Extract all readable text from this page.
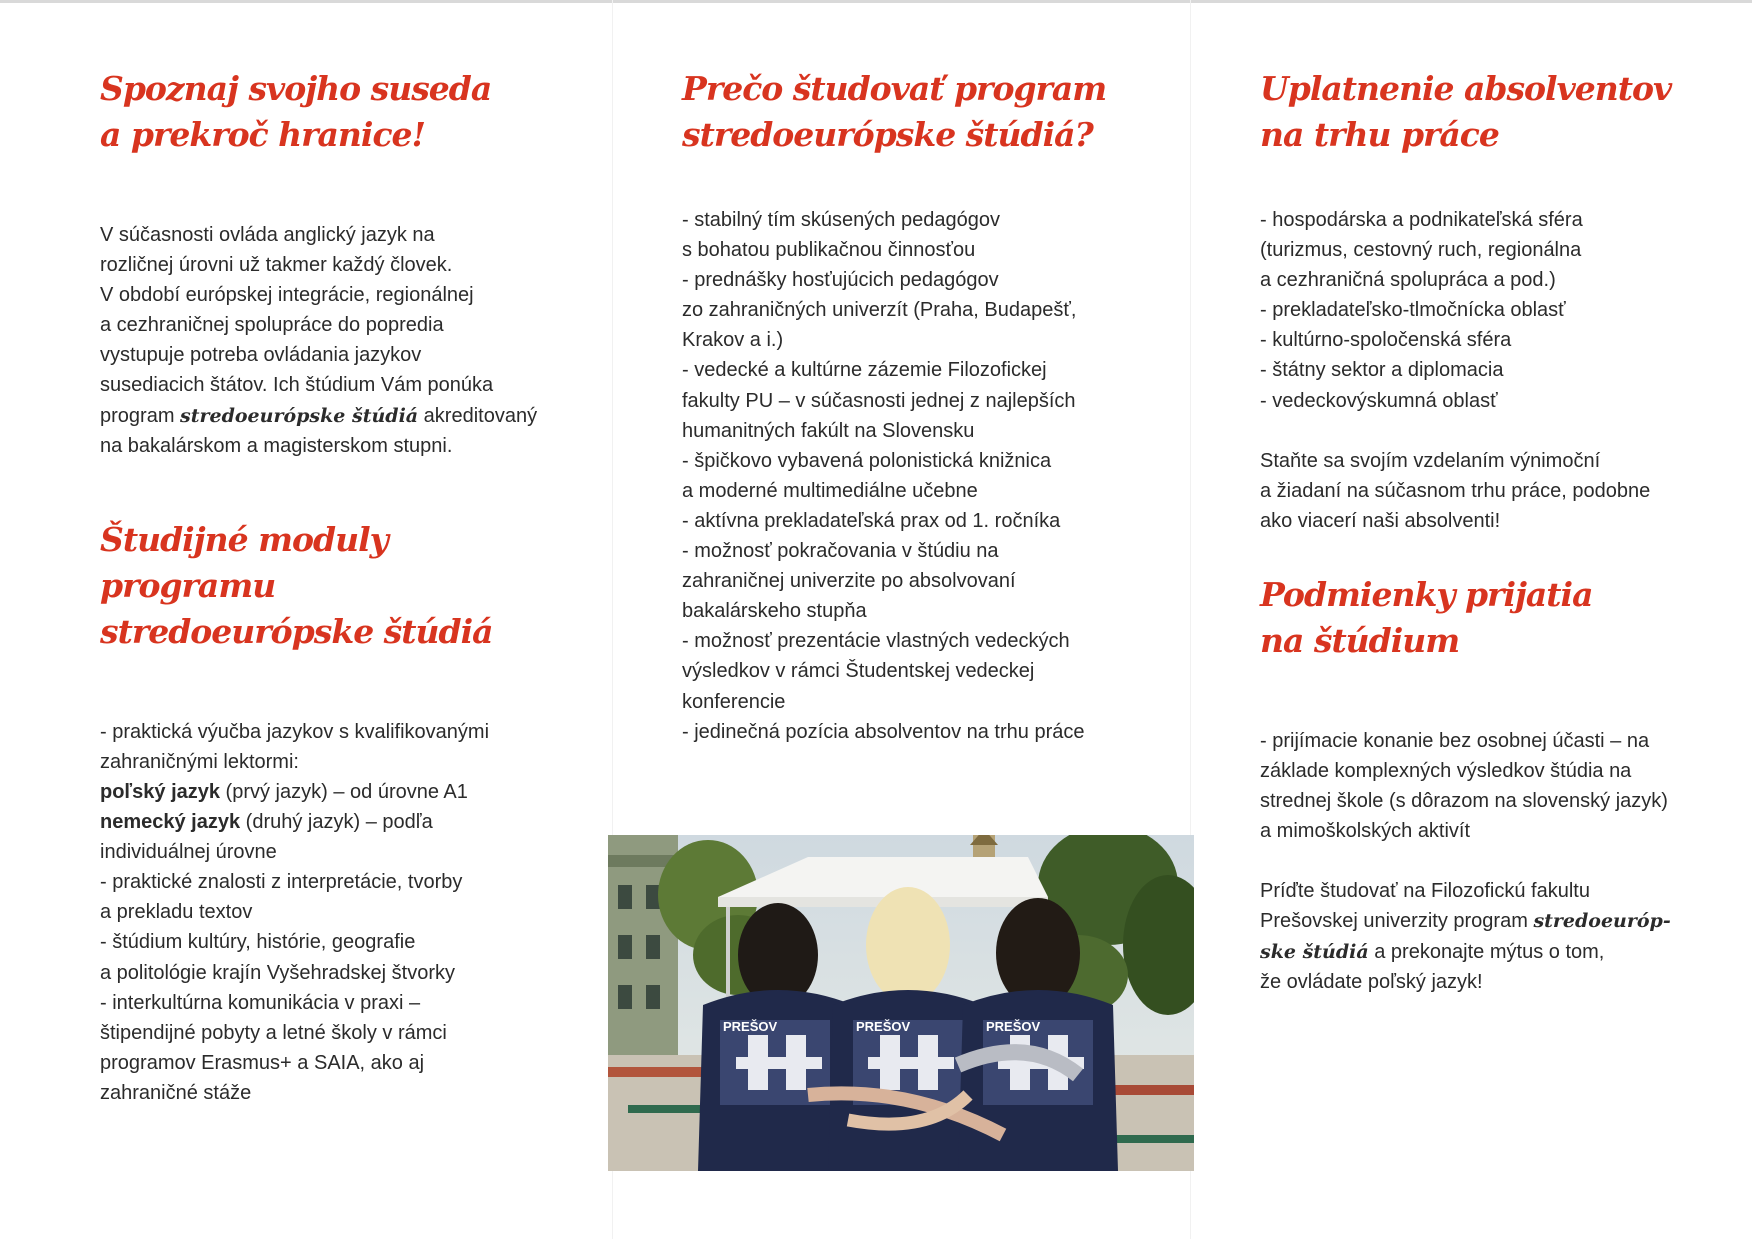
Spoznaj svojho suseda
a prekroč hranice!
V súčasnosti ovláda anglický jazyk na
rozličnej úrovni už takmer každý človek.
V období európskej integrácie, regionálnej
a cezhraničnej spolupráce do popredia
vystupuje potreba ovládania jazykov
susediacich štátov. Ich štúdium Vám ponúka
program stredoeurópske štúdiá akreditovaný
na bakalárskom a magisterskom stupni.
Študijné moduly programu
stredoeurópske štúdiá
- praktická výučba jazykov s kvalifikovanými
zahraničnými lektormi:
poľský jazyk (prvý jazyk) – od úrovne A1
nemecký jazyk (druhý jazyk) – podľa
individuálnej úrovne
- praktické znalosti z interpretácie, tvorby
a prekladu textov
- štúdium kultúry, histórie, geografie
a politológie krajín Vyšehradskej štvorky
- interkultúrna komunikácia v praxi –
štipendijné pobyty a letné školy v rámci
programov Erasmus+ a SAIA, ako aj
zahraničné stáže
Prečo študovať program
stredoeurópske štúdiá?
- stabilný tím skúsených pedagógov
s bohatou publikačnou činnosťou
- prednášky hosťujúcich pedagógov
zo zahraničných univerzít (Praha, Budapešť,
Krakov a i.)
- vedecké a kultúrne zázemie Filozofickej
fakulty PU – v súčasnosti jednej z najlepších
humanitných fakúlt na Slovensku
- špičkovo vybavená polonistická knižnica
a moderné multimediálne učebne
- aktívna prekladateľská prax od 1. ročníka
- možnosť pokračovania v štúdiu na
zahraničnej univerzite po absolvovaní
bakalárskeho stupňa
- možnosť prezentácie vlastných vedeckých
výsledkov v rámci Študentskej vedeckej
konferencie
- jedinečná pozícia absolventov na trhu práce
PREŠOV	PREŠOV	PREŠOV
Uplatnenie absolventov
na trhu práce
- hospodárska a podnikateľská sféra
(turizmus, cestovný ruch, regionálna
a cezhraničná spolupráca a pod.)
- prekladateľsko-tlmočnícka oblasť
- kultúrno-spoločenská sféra
- štátny sektor a diplomacia
- vedeckovýskumná oblasť
Staňte sa svojím vzdelaním výnimoční
a žiadaní na súčasnom trhu práce, podobne
ako viacerí naši absolventi!
Podmienky prijatia
na štúdium
- prijímacie konanie bez osobnej účasti – na
základe komplexných výsledkov štúdia na
strednej škole (s dôrazom na slovenský jazyk)
a mimoškolských aktivít
Príďte študovať na Filozofickú fakultu
Prešovskej univerzity program stredoeuróp-
ske štúdiá a prekonajte mýtus o tom,
že ovládate poľský jazyk!
